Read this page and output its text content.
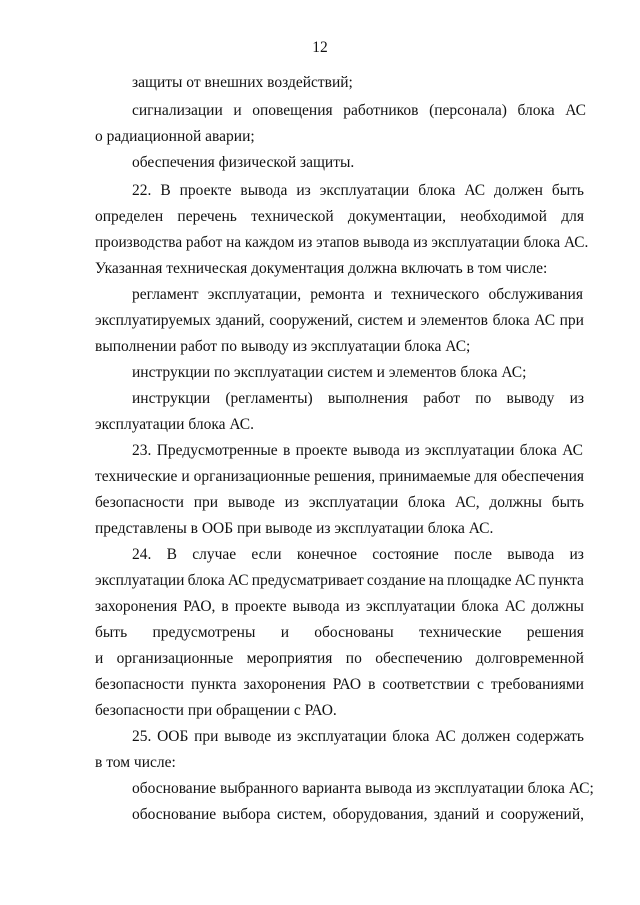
12
защиты от внешних воздействий;
сигнализации и оповещения работников (персонала) блока АС
о радиационной аварии;
обеспечения физической защиты.
22. В проекте вывода из эксплуатации блока АС должен быть
определен перечень технической документации, необходимой для
производства работ на каждом из этапов вывода из эксплуатации блока АС.
Указанная техническая документация должна включать в том числе:
регламент эксплуатации, ремонта и технического обслуживания
эксплуатируемых зданий, сооружений, систем и элементов блока АС при
выполнении работ по выводу из эксплуатации блока АС;
инструкции по эксплуатации систем и элементов блока АС;
инструкции (регламенты) выполнения работ по выводу из
эксплуатации блока АС.
23. Предусмотренные в проекте вывода из эксплуатации блока АС
технические и организационные решения, принимаемые для обеспечения
безопасности при выводе из эксплуатации блока АС, должны быть
представлены в ООБ при выводе из эксплуатации блока АС.
24. В случае если конечное состояние после вывода из
эксплуатации блока АС предусматривает создание на площадке АС пункта
захоронения РАО, в проекте вывода из эксплуатации блока АС должны
быть предусмотрены и обоснованы технические решения
и организационные мероприятия по обеспечению долговременной
безопасности пункта захоронения РАО в соответствии с требованиями
безопасности при обращении с РАО.
25. ООБ при выводе из эксплуатации блока АС должен содержать
в том числе:
обоснование выбранного варианта вывода из эксплуатации блока АС;
обоснование выбора систем, оборудования, зданий и сооружений,
